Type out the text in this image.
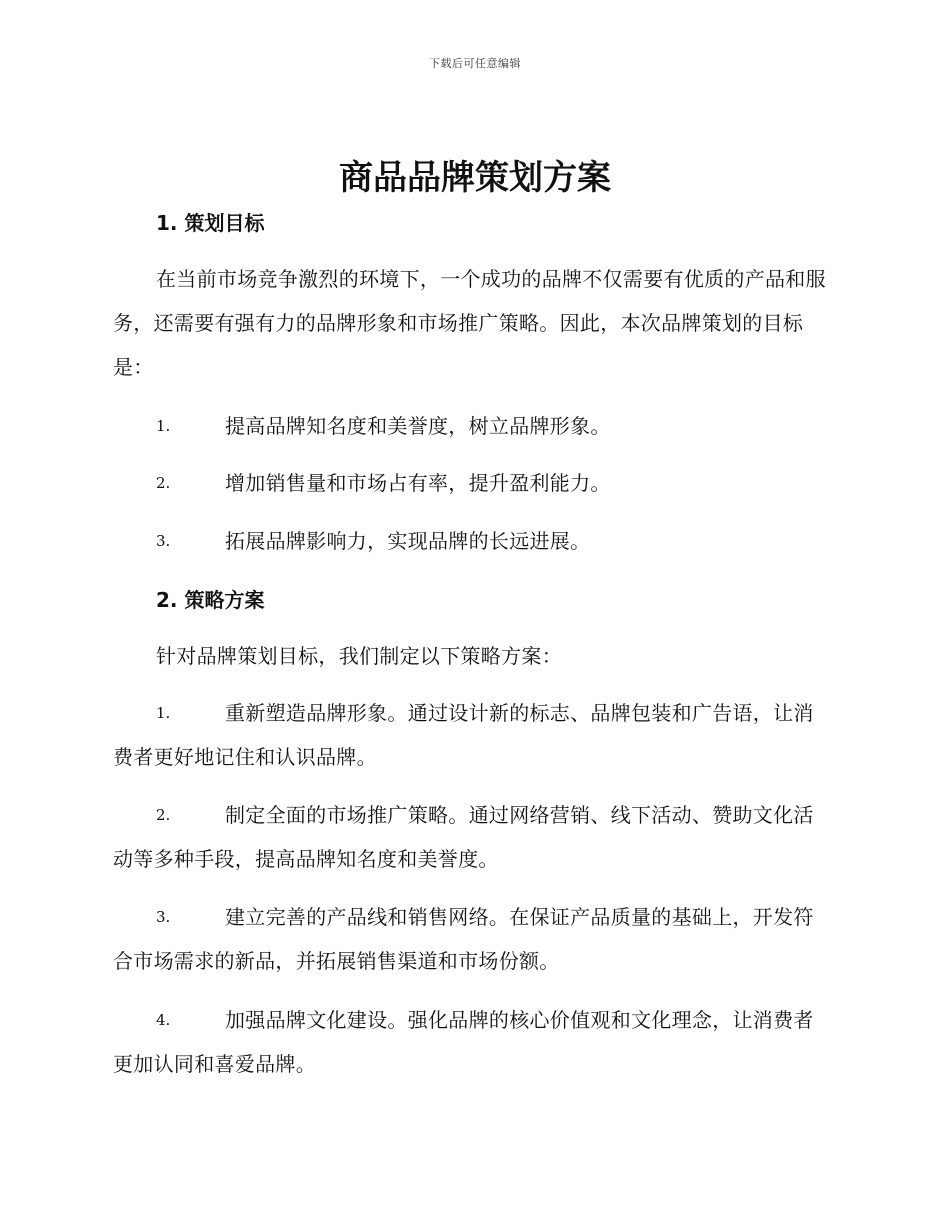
下载后可任意编辑
商品品牌策划方案
1. 策划目标

在当前市场竞争激烈的环境下，一个成功的品牌不仅需要有优质的产品和服务，还需要有强有力的品牌形象和市场推广策略。因此，本次品牌策划的目标是：

1.	提高品牌知名度和美誉度，树立品牌形象。

2.	增加销售量和市场占有率，提升盈利能力。

3.	拓展品牌影响力，实现品牌的长远进展。

2. 策略方案

针对品牌策划目标，我们制定以下策略方案：

1.	重新塑造品牌形象。通过设计新的标志、品牌包装和广告语，让消费者更好地记住和认识品牌。

2.	制定全面的市场推广策略。通过网络营销、线下活动、赞助文化活动等多种手段，提高品牌知名度和美誉度。

3.	建立完善的产品线和销售网络。在保证产品质量的基础上，开发符合市场需求的新品，并拓展销售渠道和市场份额。

4.	加强品牌文化建设。强化品牌的核心价值观和文化理念，让消费者更加认同和喜爱品牌。
